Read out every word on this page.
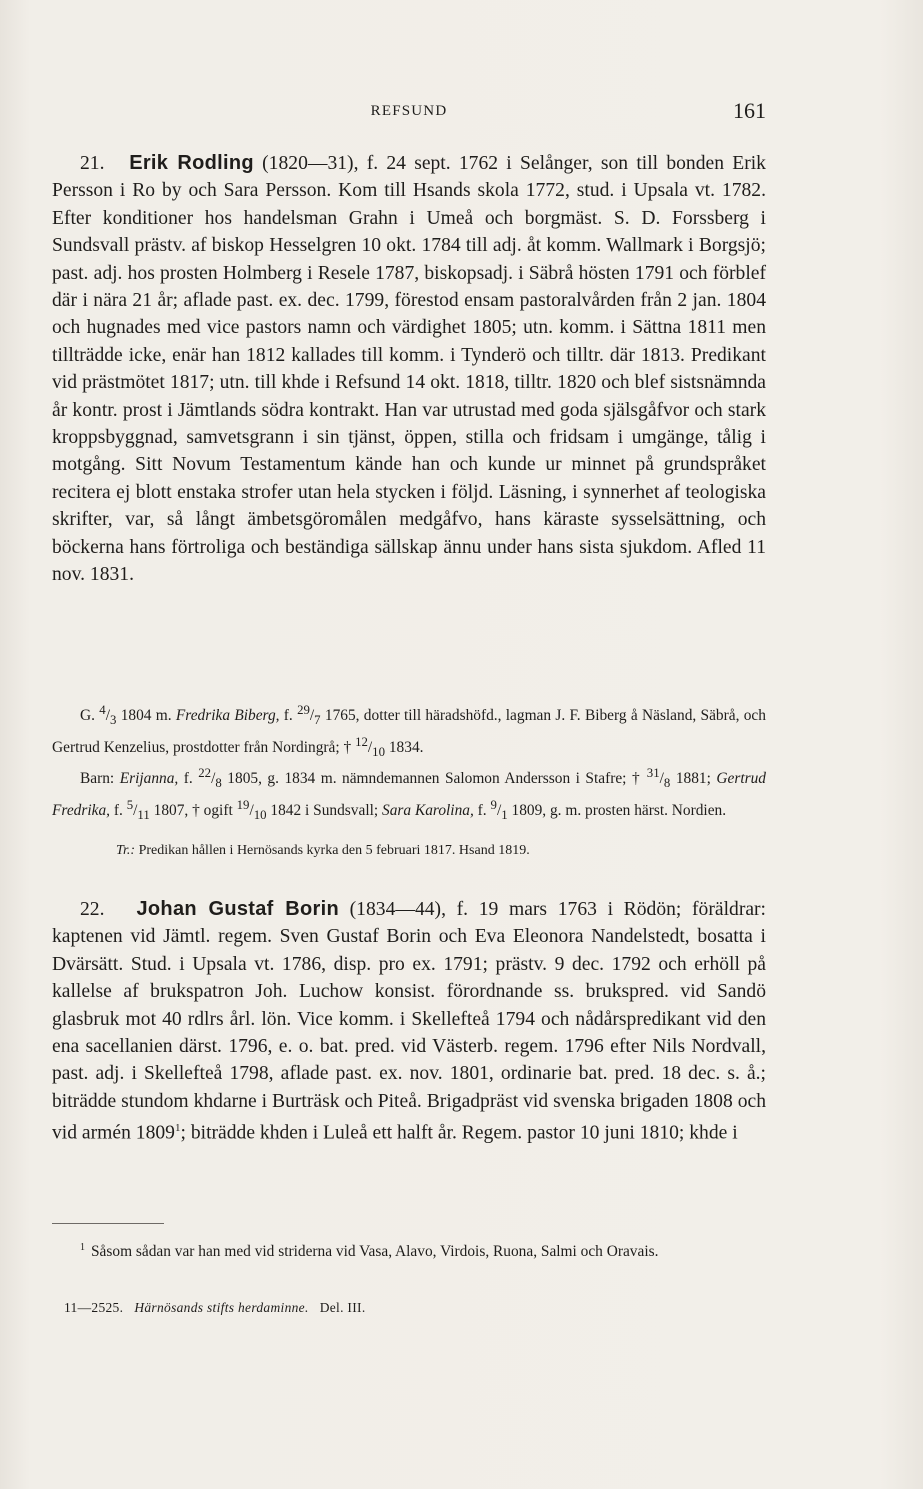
REFSUND	161

21. Erik Rodling (1820—31), f. 24 sept. 1762 i Selånger, son till bonden Erik Persson i Ro by och Sara Persson. Kom till Hsands skola 1772, stud. i Upsala vt. 1782. Efter konditioner hos handelsman Grahn i Umeå och borgmäst. S. D. Forssberg i Sundsvall prästv. af biskop Hesselgren 10 okt. 1784 till adj. åt komm. Wallmark i Borgsjö; past. adj. hos prosten Holmberg i Resele 1787, biskopsadj. i Säbrå hösten 1791 och förblef där i nära 21 år; aflade past. ex. dec. 1799, förestod ensam pastoralvården från 2 jan. 1804 och hugnades med vice pastors namn och värdighet 1805; utn. komm. i Sättna 1811 men tillträdde icke, enär han 1812 kallades till komm. i Tynderö och tilltr. där 1813. Predikant vid prästmötet 1817; utn. till khde i Refsund 14 okt. 1818, tilltr. 1820 och blef sistsnämnda år kontr. prost i Jämtlands södra kontrakt. Han var utrustad med goda själsgåfvor och stark kroppsbyggnad, samvetsgrann i sin tjänst, öppen, stilla och fridsam i umgänge, tålig i motgång. Sitt Novum Testamentum kände han och kunde ur minnet på grundspråket recitera ej blott enstaka strofer utan hela stycken i följd. Läsning, i synnerhet af teologiska skrifter, var, så långt ämbetsgöromålen medgåfvo, hans käraste sysselsättning, och böckerna hans förtroliga och beständiga sällskap ännu under hans sista sjukdom. Afled 11 nov. 1831.

G. $^4/_3$ 1804 m. Fredrika Biberg, f. $^{29}/_7$ 1765, dotter till häradshöfd., lagman J. F. Biberg å Näsland, Säbrå, och Gertrud Kenzelius, prostdotter från Nordingrå; † $^{12}/_{10}$ 1834.

Barn: Erijanna, f. $^{22}/_8$ 1805, g. 1834 m. nämndemannen Salomon Andersson i Stafre; † $^{31}/_8$ 1881; Gertrud Fredrika, f. $^5/_{11}$ 1807, † ogift $^{19}/_{10}$ 1842 i Sundsvall; Sara Karolina, f. $^9/_1$ 1809, g. m. prosten härst. Nordien.

Tr.: Predikan hållen i Hernösands kyrka den 5 februari 1817. Hsand 1819.

22. Johan Gustaf Borin (1834—44), f. 19 mars 1763 i Rödön; föräldrar: kaptenen vid Jämtl. regem. Sven Gustaf Borin och Eva Eleonora Nandelstedt, bosatta i Dvärsätt. Stud. i Upsala vt. 1786, disp. pro ex. 1791; prästv. 9 dec. 1792 och erhöll på kallelse af brukspatron Joh. Luchow konsist. förordnande ss. brukspred. vid Sandö glasbruk mot 40 rdlrs årl. lön. Vice komm. i Skellefteå 1794 och nådårspredikant vid den ena sacellanien därst. 1796, e. o. bat. pred. vid Västerb. regem. 1796 efter Nils Nordvall, past. adj. i Skellefteå 1798, aflade past. ex. nov. 1801, ordinarie bat. pred. 18 dec. s. å.; biträdde stundom khdarne i Burträsk och Piteå. Brigadpräst vid svenska brigaden 1808 och vid armén 1809$^1$; biträdde khden i Luleå ett halft år. Regem. pastor 10 juni 1810; khde i

$^1$ Såsom sådan var han med vid striderna vid Vasa, Alavo, Virdois, Ruona, Salmi och Oravais.
11—2525. Härnösands stifts herdaminne. Del. III.
